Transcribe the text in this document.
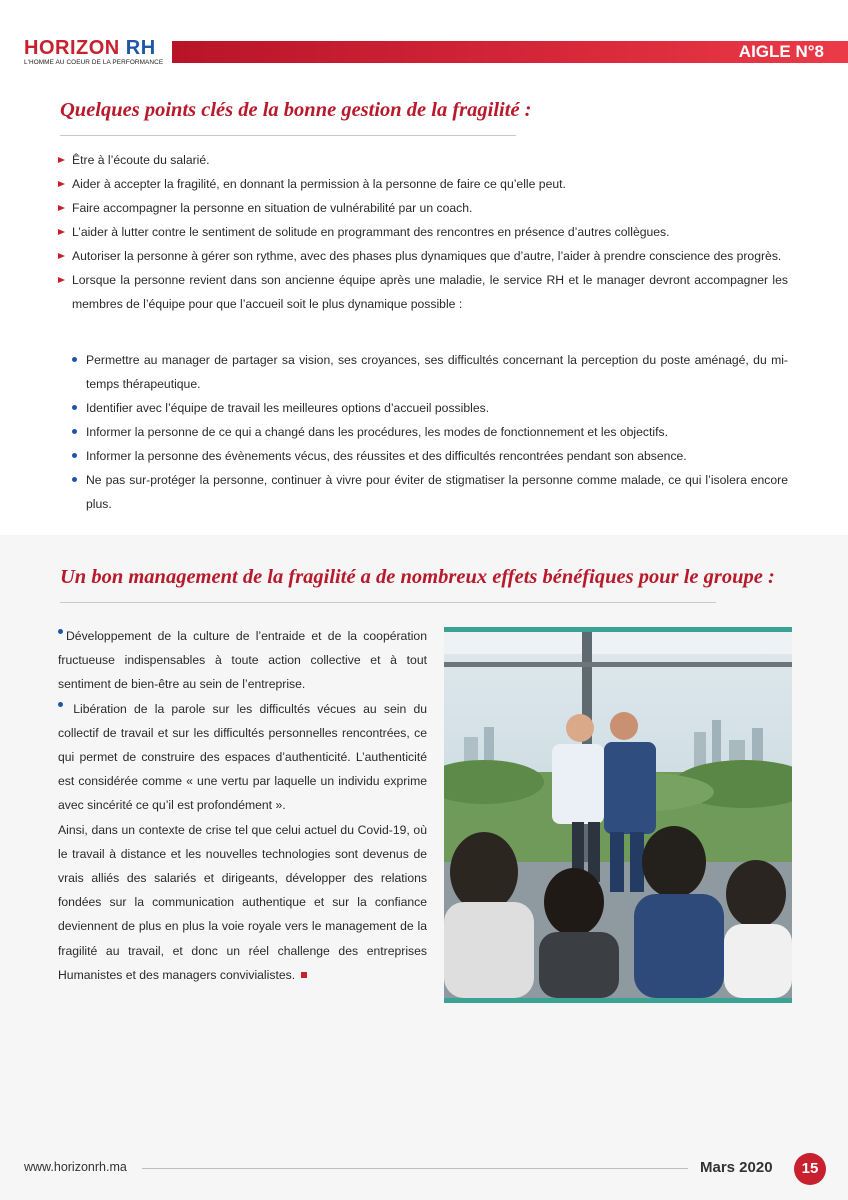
HORIZON RH
L'HOMME AU COEUR DE LA PERFORMANCE
AIGLE N°8
Quelques points clés de la bonne gestion de la fragilité :
Être à l’écoute du salarié.
Aider à accepter la fragilité, en donnant la permission à la personne de faire ce qu’elle peut.
Faire accompagner la personne en situation de vulnérabilité par un coach.
L’aider à lutter contre le sentiment de solitude en programmant des rencontres en présence d’autres collègues.
Autoriser la personne à gérer son rythme, avec des phases plus dynamiques que d’autre, l’aider à prendre conscience des progrès.
Lorsque la personne revient dans son ancienne équipe après une maladie, le service RH et le manager devront accompagner les membres de l’équipe pour que l’accueil soit le plus dynamique possible :
Permettre au manager de partager sa vision, ses croyances, ses difficultés concernant la perception du poste aménagé, du mi-temps thérapeutique.
Identifier avec l’équipe de travail les meilleures options d’accueil possibles.
Informer la personne de ce qui a changé dans les procédures, les modes de fonctionnement et les objectifs.
Informer la personne des évènements vécus, des réussites et des difficultés rencontrées pendant son absence.
Ne pas sur-protéger la personne, continuer à vivre pour éviter de stigmatiser la personne comme malade, ce qui l’isolera encore plus.
Un bon management de la fragilité a de nombreux effets bénéfiques pour le groupe :

Développement de la culture de l’entraide et de la coopération fructueuse indispensables à toute action collective et à tout sentiment de bien-être au sein de l’entreprise.

Libération de la parole sur les difficultés vécues au sein du collectif de travail et sur les difficultés personnelles rencontrées, ce qui permet de construire des espaces d’authenticité. L’authenticité est considérée comme « une vertu par laquelle un individu exprime avec sincérité ce qu’il est profondément ».

Ainsi, dans un contexte de crise tel que celui actuel du Covid-19, où le travail à distance et les nouvelles technologies sont devenus de vrais alliés des salariés et dirigeants, développer des relations fondées sur la communication authentique et sur la confiance deviennent de plus en plus la voie royale vers le management de la fragilité au travail, et donc un réel challenge des entreprises Humanistes et des managers convivialistes.

www.horizonrh.ma	Mars 2020	15
